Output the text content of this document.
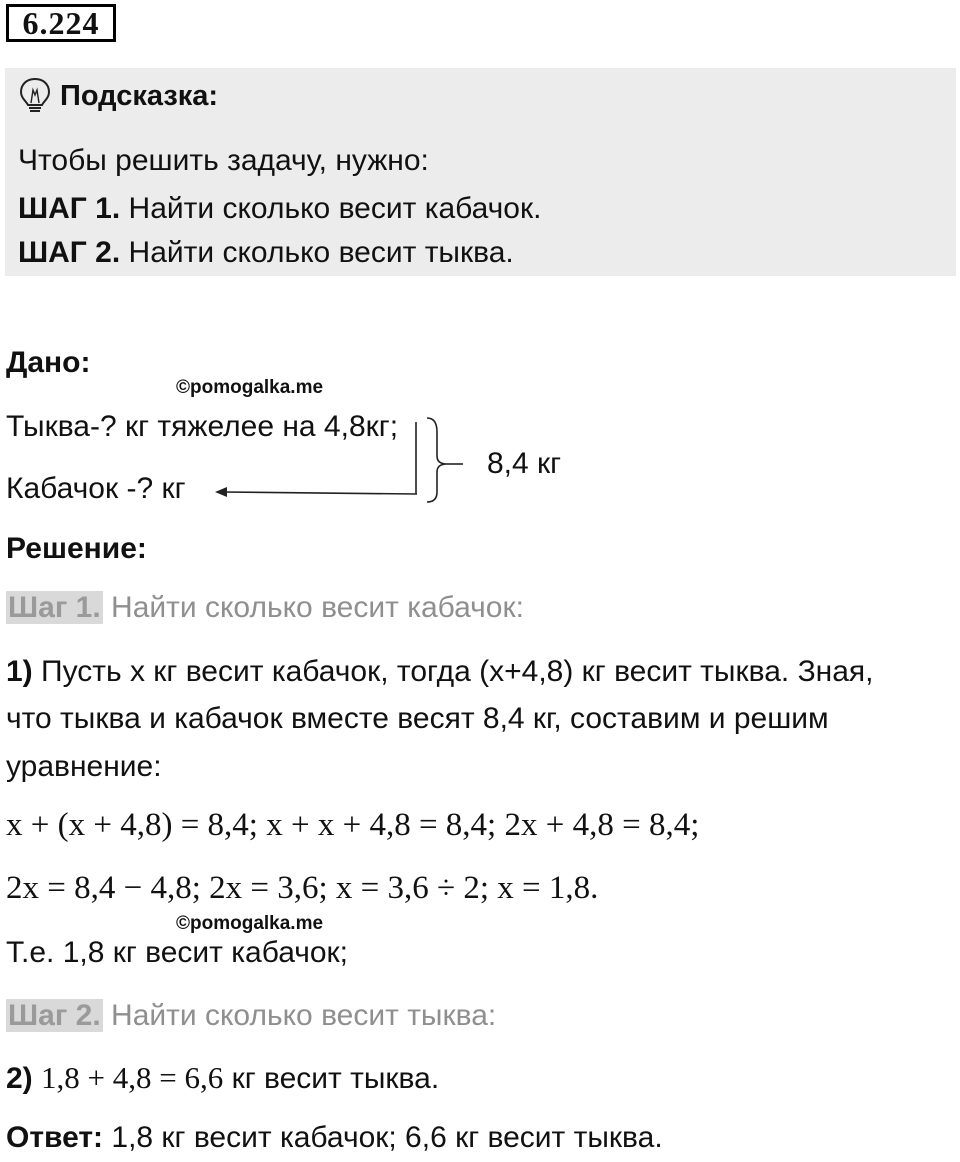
6.224
Подсказка:
Чтобы решить задачу, нужно:
ШАГ 1. Найти сколько весит кабачок.
ШАГ 2. Найти сколько весит тыква.
Дано:
©pomogalka.me
Тыква-? кг тяжелее на 4,8кг;
Кабачок -? кг
8,4 кг
Решение:
Шаг 1. Найти сколько весит кабачок:
1) Пусть х кг весит кабачок, тогда (х+4,8) кг весит тыква. Зная,
что тыква и кабачок вместе весят 8,4 кг, составим и решим
уравнение:
x + (x + 4,8) = 8,4; x + x + 4,8 = 8,4; 2x + 4,8 = 8,4;
2x = 8,4 − 4,8; 2x = 3,6; x = 3,6 ÷ 2; x = 1,8.
©pomogalka.me
Т.е. 1,8 кг весит кабачок;
Шаг 2. Найти сколько весит тыква:
2) 1,8 + 4,8 = 6,6 кг весит тыква.
Ответ: 1,8 кг весит кабачок; 6,6 кг весит тыква.
